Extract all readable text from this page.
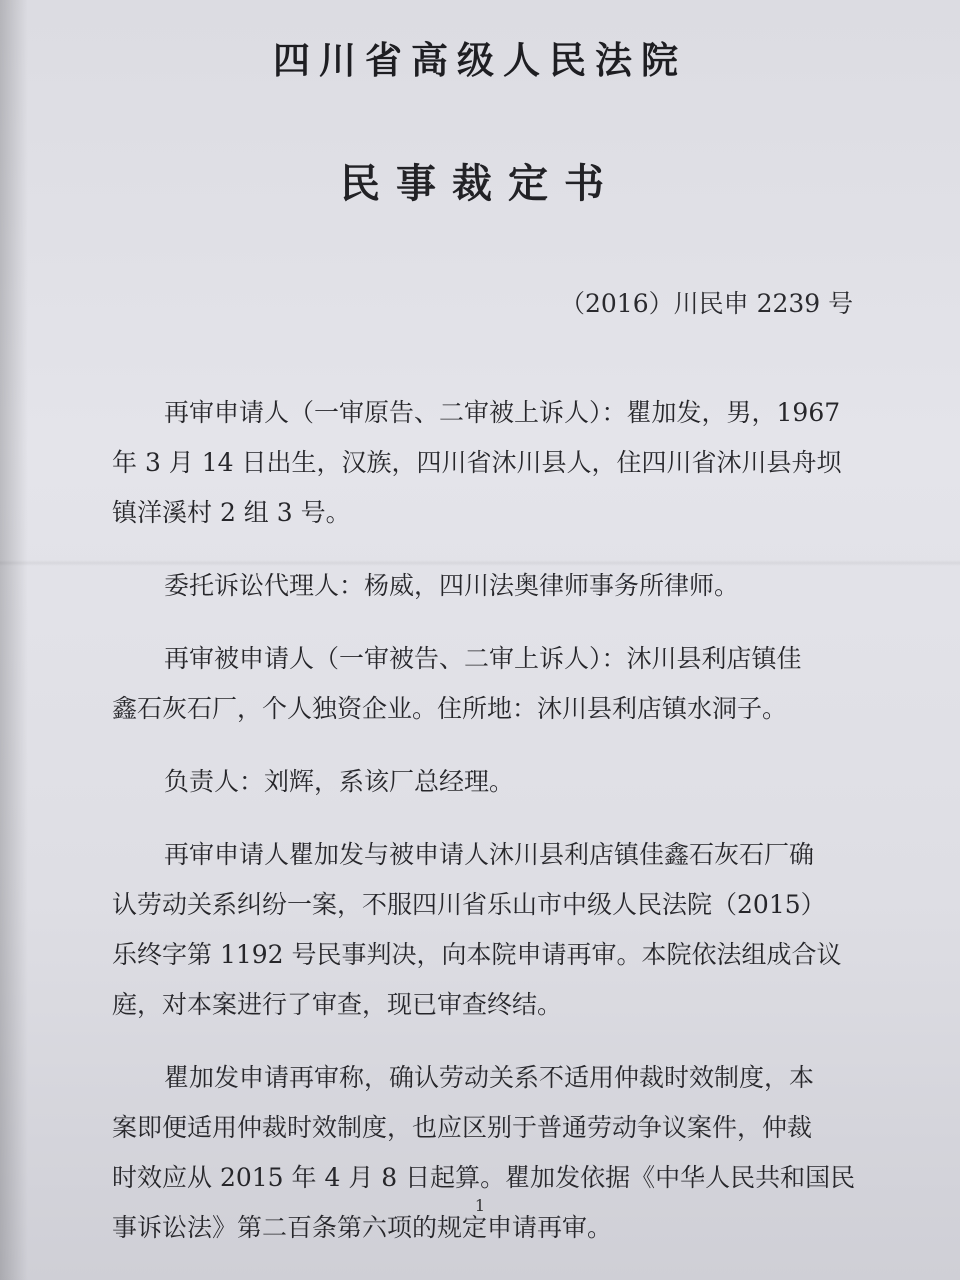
四川省高级人民法院
民事裁定书
（2016）川民申 2239 号
再审申请人（一审原告、二审被上诉人）：瞿加发，男，1967
年 3 月 14 日出生，汉族，四川省沐川县人，住四川省沐川县舟坝
镇洋溪村 2 组 3 号。
委托诉讼代理人：杨威，四川法奥律师事务所律师。
再审被申请人（一审被告、二审上诉人）：沐川县利店镇佳
鑫石灰石厂，个人独资企业。住所地：沐川县利店镇水洞子。
负责人：刘辉，系该厂总经理。
再审申请人瞿加发与被申请人沐川县利店镇佳鑫石灰石厂确
认劳动关系纠纷一案，不服四川省乐山市中级人民法院（2015）
乐终字第 1192 号民事判决，向本院申请再审。本院依法组成合议
庭，对本案进行了审查，现已审查终结。
瞿加发申请再审称，确认劳动关系不适用仲裁时效制度，本
案即便适用仲裁时效制度，也应区别于普通劳动争议案件，仲裁
时效应从 2015 年 4 月 8 日起算。瞿加发依据《中华人民共和国民
事诉讼法》第二百条第六项的规定申请再审。
1
